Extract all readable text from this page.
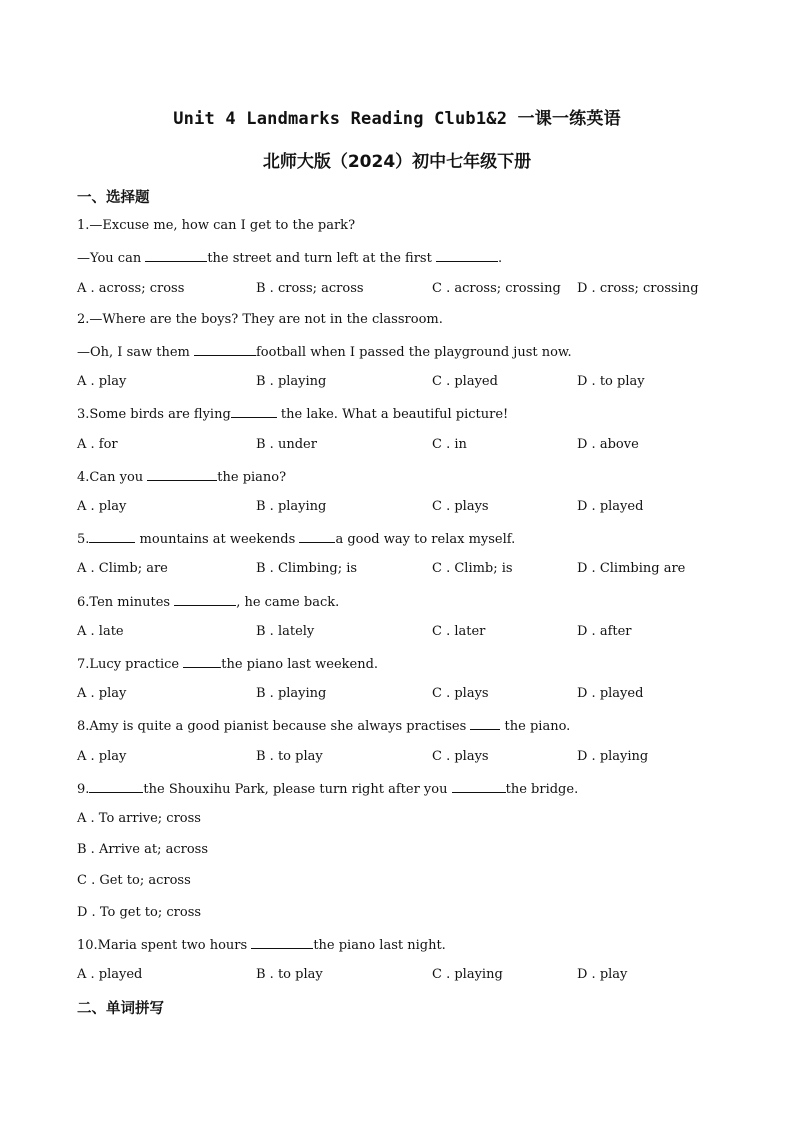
Unit 4 Landmarks Reading Club1&2 一课一练英语
北师大版（2024）初中七年级下册
一、选择题
1.—Excuse me, how can I get to the park?
—You can	the street and turn left at the first	.
A . across; cross	B . cross; across	C . across; crossing D . cross; crossing
2.—Where are the boys? They are not in the classroom.
—Oh, I saw them	football when I passed the playground just now.
A . play	B . playing	C . played	D . to play
3.Some birds are flying	the lake. What a beautiful picture!
A . for	B . under	C . in	D . above
4.Can you	the piano?
A . play	B . playing	C . plays	D . played
5.	mountains at weekends	a good way to relax myself.
A . Climb; are	B . Climbing; is	C . Climb; is	D . Climbing are
6.Ten minutes	, he came back.
A . late	B . lately	C . later	D . after
7.Lucy practice	the piano last weekend.
A . play	B . playing	C . plays	D . played
8.Amy is quite a good pianist because she always practises  the piano.
A . play	B . to play	C . plays	D . playing
9.	the Shouxihu Park, please turn right after you	the bridge.
A . To arrive; cross
B . Arrive at; across
C . Get to; across
D . To get to; cross
10.Maria spent two hours	the piano last night.
A . played	B . to play	C . playing	D . play
二、单词拼写
